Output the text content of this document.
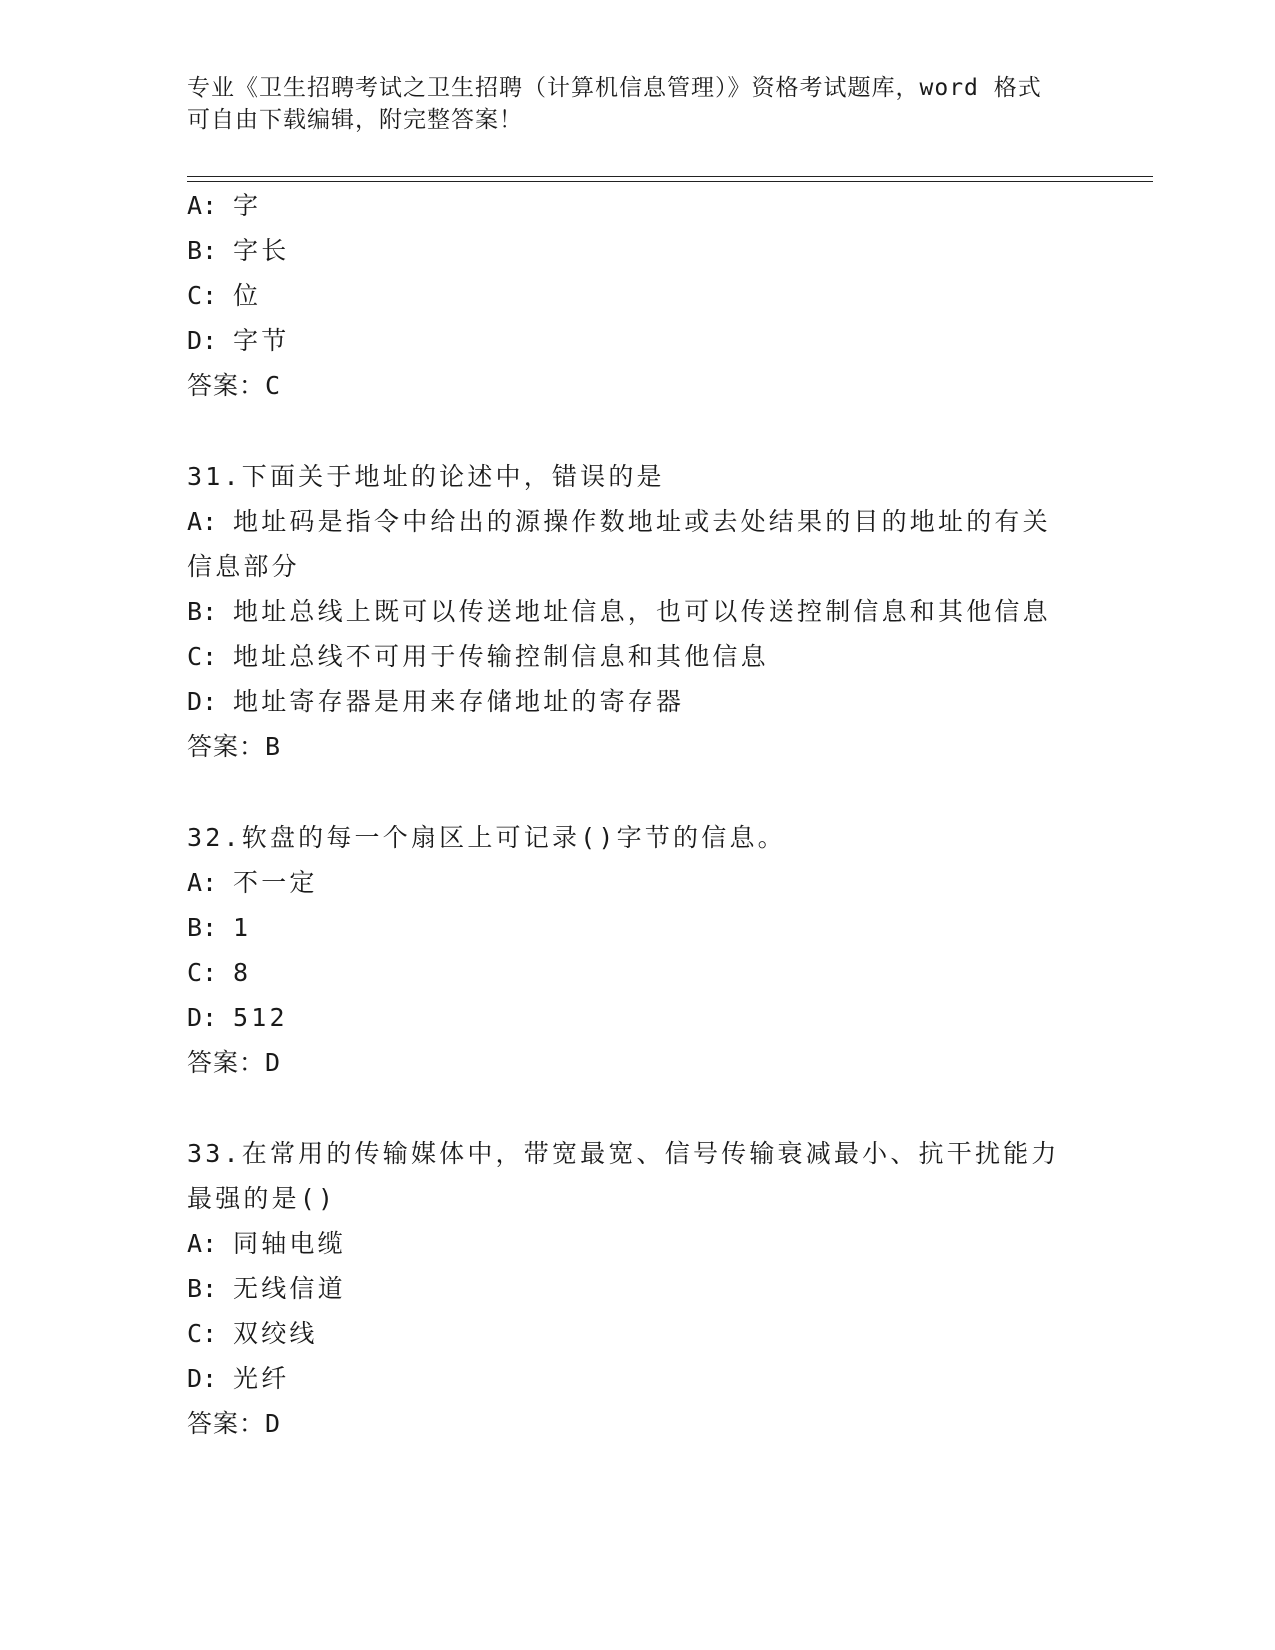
专业《卫生招聘考试之卫生招聘（计算机信息管理）》资格考试题库，word 格式
可自由下载编辑，附完整答案！
A: 字
B: 字长
C: 位
D: 字节
答案：C
31.下面关于地址的论述中，错误的是
A: 地址码是指令中给出的源操作数地址或去处结果的目的地址的有关
信息部分
B: 地址总线上既可以传送地址信息，也可以传送控制信息和其他信息
C: 地址总线不可用于传输控制信息和其他信息
D: 地址寄存器是用来存储地址的寄存器
答案：B
32.软盘的每一个扇区上可记录()字节的信息。
A: 不一定
B: 1
C: 8
D: 512
答案：D
33.在常用的传输媒体中，带宽最宽、信号传输衰减最小、抗干扰能力
最强的是()
A: 同轴电缆
B: 无线信道
C: 双绞线
D: 光纤
答案：D
